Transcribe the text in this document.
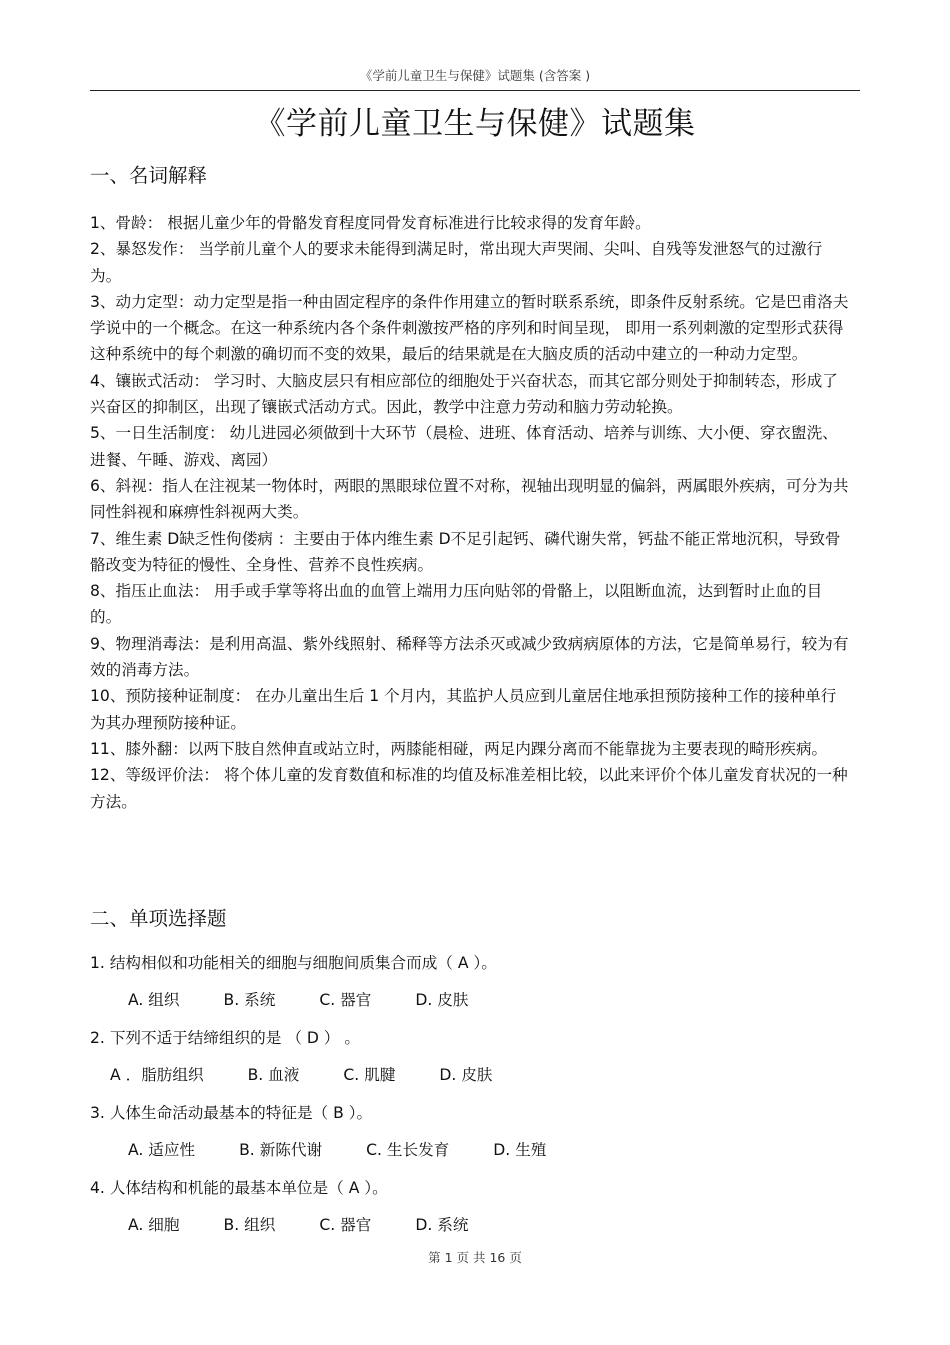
《学前儿童卫生与保健》试题集 (含答案 )
《学前儿童卫生与保健》试题集
一、名词解释
1、骨龄： 根据儿童少年的骨骼发育程度同骨发育标准进行比较求得的发育年龄。
2、暴怒发作： 当学前儿童个人的要求未能得到满足时，常出现大声哭闹、尖叫、自残等发泄怒气的过激行为。
3、动力定型：动力定型是指一种由固定程序的条件作用建立的暂时联系系统，即条件反射系统。它是巴甫洛夫学说中的一个概念。在这一种系统内各个条件刺激按严格的序列和时间呈现， 即用一系列刺激的定型形式获得这种系统中的每个刺激的确切而不变的效果，最后的结果就是在大脑皮质的活动中建立的一种动力定型。
4、镶嵌式活动： 学习时、大脑皮层只有相应部位的细胞处于兴奋状态，而其它部分则处于抑制转态，形成了兴奋区的抑制区，出现了镶嵌式活动方式。因此，教学中注意力劳动和脑力劳动轮换。
5、一日生活制度： 幼儿进园必须做到十大环节（晨检、进班、体育活动、培养与训练、大小便、穿衣盥洗、进餐、午睡、游戏、离园）
6、斜视：指人在注视某一物体时，两眼的黑眼球位置不对称，视轴出现明显的偏斜，两属眼外疾病，可分为共同性斜视和麻痹性斜视两大类。
7、维生素 D缺乏性佝偻病 ：主要由于体内维生素 D不足引起钙、磷代谢失常，钙盐不能正常地沉积，导致骨骼改变为特征的慢性、全身性、营养不良性疾病。
8、指压止血法： 用手或手掌等将出血的血管上端用力压向贴邻的骨骼上，以阻断血流，达到暂时止血的目的。
9、物理消毒法：是利用高温、紫外线照射、稀释等方法杀灭或减少致病病原体的方法，它是简单易行，较为有效的消毒方法。
10、预防接种证制度： 在办儿童出生后 1 个月内，其监护人员应到儿童居住地承担预防接种工作的接种单行为其办理预防接种证。
11、膝外翻：以两下肢自然伸直或站立时，两膝能相碰，两足内踝分离而不能靠拢为主要表现的畸形疾病。
12、等级评价法： 将个体儿童的发育数值和标准的均值及标准差相比较，以此来评价个体儿童发育状况的一种方法。
二、单项选择题
1. 结构相似和功能相关的细胞与细胞间质集合而成（ A ）。
A. 组织	B. 系统	C. 器官	D. 皮肤
2. 下列不适于结缔组织的是 （ D ） 。
A ．脂肪组织	B. 血液	C. 肌腱	D. 皮肤
3. 人体生命活动最基本的特征是（ B ）。
A. 适应性	B. 新陈代谢	C. 生长发育	D. 生殖
4. 人体结构和机能的最基本单位是（ A ）。
A. 细胞	B. 组织	C. 器官	D. 系统
第 1 页 共 16 页
